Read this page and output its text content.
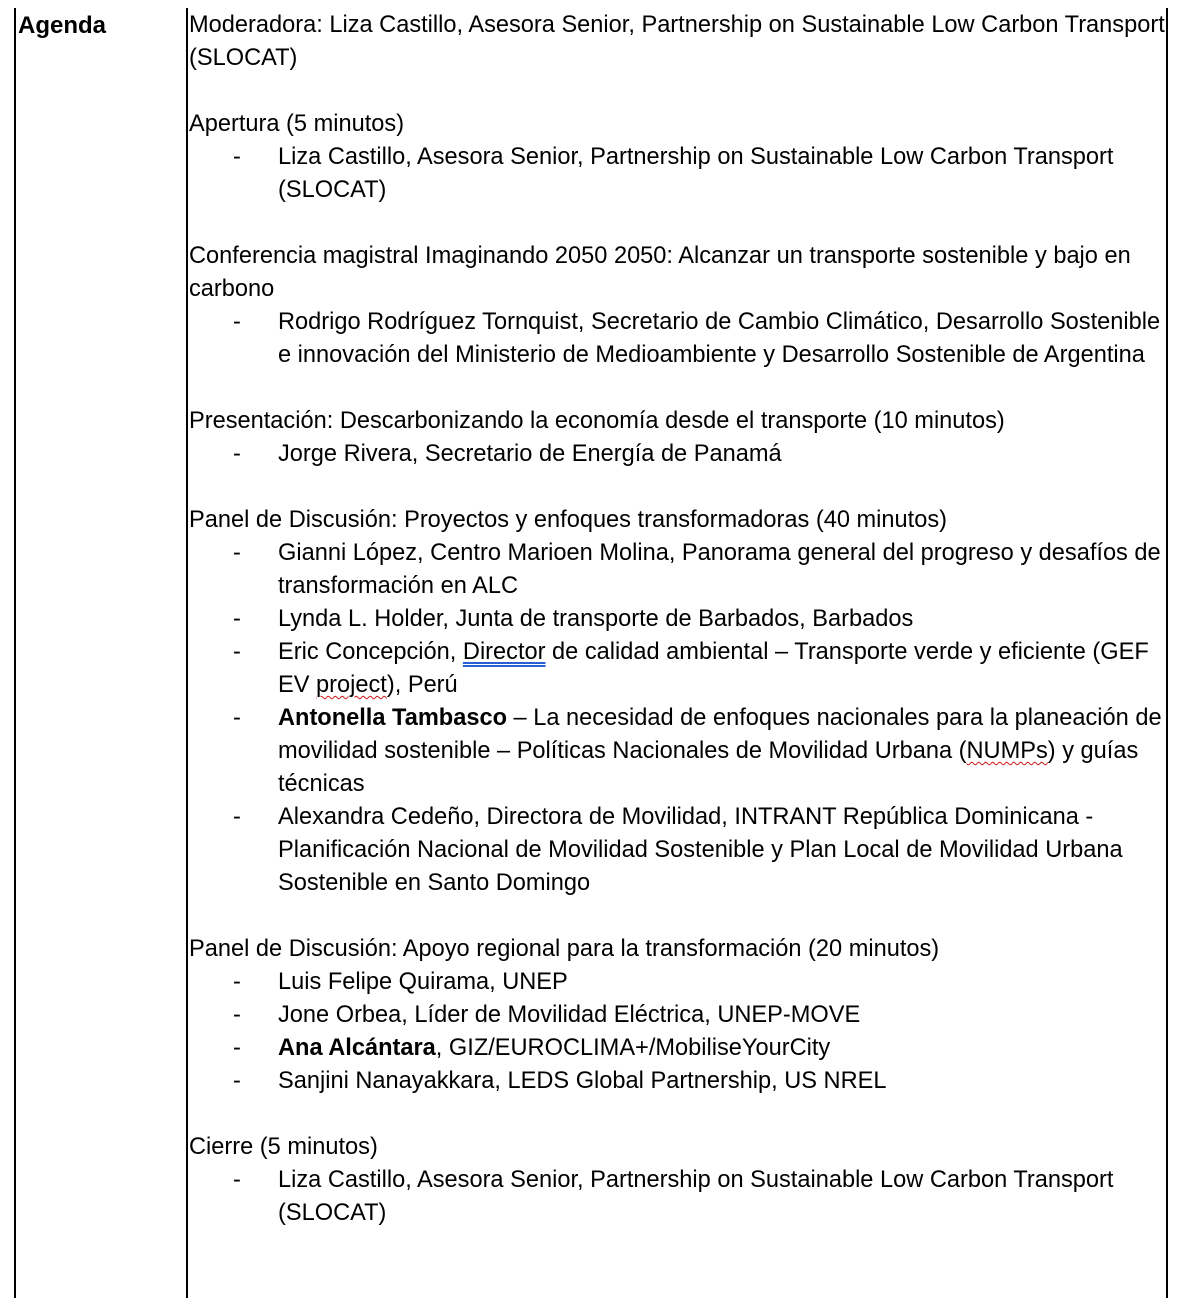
Agenda	Moderadora: Liza Castillo, Asesora Senior, Partnership on Sustainable Low Carbon Transport (SLOCAT)

Apertura (5 minutos)

- Liza Castillo, Asesora Senior, Partnership on Sustainable Low Carbon Transport (SLOCAT)

Conferencia magistral Imaginando 2050 2050: Alcanzar un transporte sostenible y bajo en carbono

- Rodrigo Rodríguez Tornquist, Secretario de Cambio Climático, Desarrollo Sostenible e innovación del Ministerio de Medioambiente y Desarrollo Sostenible de Argentina

Presentación: Descarbonizando la economía desde el transporte (10 minutos)

- Jorge Rivera, Secretario de Energía de Panamá

Panel de Discusión: Proyectos y enfoques transformadoras (40 minutos)

- Gianni López, Centro Marioen Molina, Panorama general del progreso y desafíos de transformación en ALC
- Lynda L. Holder, Junta de transporte de Barbados, Barbados
- Eric Concepción, Director de calidad ambiental – Transporte verde y eficiente (GEF EV project), Perú
- Antonella Tambasco – La necesidad de enfoques nacionales para la planeación de movilidad sostenible – Políticas Nacionales de Movilidad Urbana (NUMPs) y guías técnicas
- Alexandra Cedeño, Directora de Movilidad, INTRANT República Dominicana - Planificación Nacional de Movilidad Sostenible y Plan Local de Movilidad Urbana Sostenible en Santo Domingo

Panel de Discusión: Apoyo regional para la transformación (20 minutos)

- Luis Felipe Quirama, UNEP
- Jone Orbea, Líder de Movilidad Eléctrica, UNEP-MOVE
- Ana Alcántara, GIZ/EUROCLIMA+/MobiliseYourCity
- Sanjini Nanayakkara, LEDS Global Partnership, US NREL

Cierre (5 minutos)

- Liza Castillo, Asesora Senior, Partnership on Sustainable Low Carbon Transport (SLOCAT)
